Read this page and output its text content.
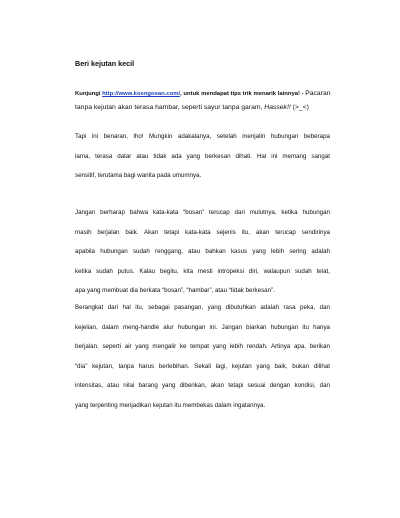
Beri kejutan kecil
Kunjungi http://www.kosngosan.com/, untuk mendapat tips trik menarik lainnya! - Pacaran
tanpa kejutan akan terasa hambar, seperti sayur tanpa garam, Hassek!! (>_<)
Tapi ini benaran, lho! Mungkin adakalanya, setelah menjalin hubungan beberapa
lama, terasa datar atau tidak ada yang berkesan dihati. Hal ini memang sangat
sensitif, terutama bagi wanita pada umumnya.
Jangan berharap bahwa kata-kata “bosan” terucap dari mulutnya, ketika hubungan
masih berjalan baik. Akan tetapi kata-kata sejenis itu, akan terucap sendirinya
apabila hubungan sudah renggang, atau bahkan kasus yang lebih sering adalah
ketika sudah putus. Kalau begitu, kita mesti intropeksi diri, walaupun sudah telat,
apa yang membuat dia berkata “bosan”, “hambar”, atau “tidak berkesan”.
Berangkat dari hal itu, sebagai pasangan, yang dibutuhkan adalah rasa peka, dan
kejelian, dalam meng-handle alur hubungan ini. Jangan biarkan hubungan itu hanya
berjalan, seperti air yang mengalir ke tempat yang lebih rendah. Artinya apa, berikan
“dia” kejutan, tanpa harus berlebihan. Sekali lagi, kejutan yang baik, bukan dilihat
intensitas, atau nilai barang yang diberikan, akan tetapi sesuai dengan kondisi, dan
yang terpenting menjadikan kejutan itu membekas dalam ingatannya.
